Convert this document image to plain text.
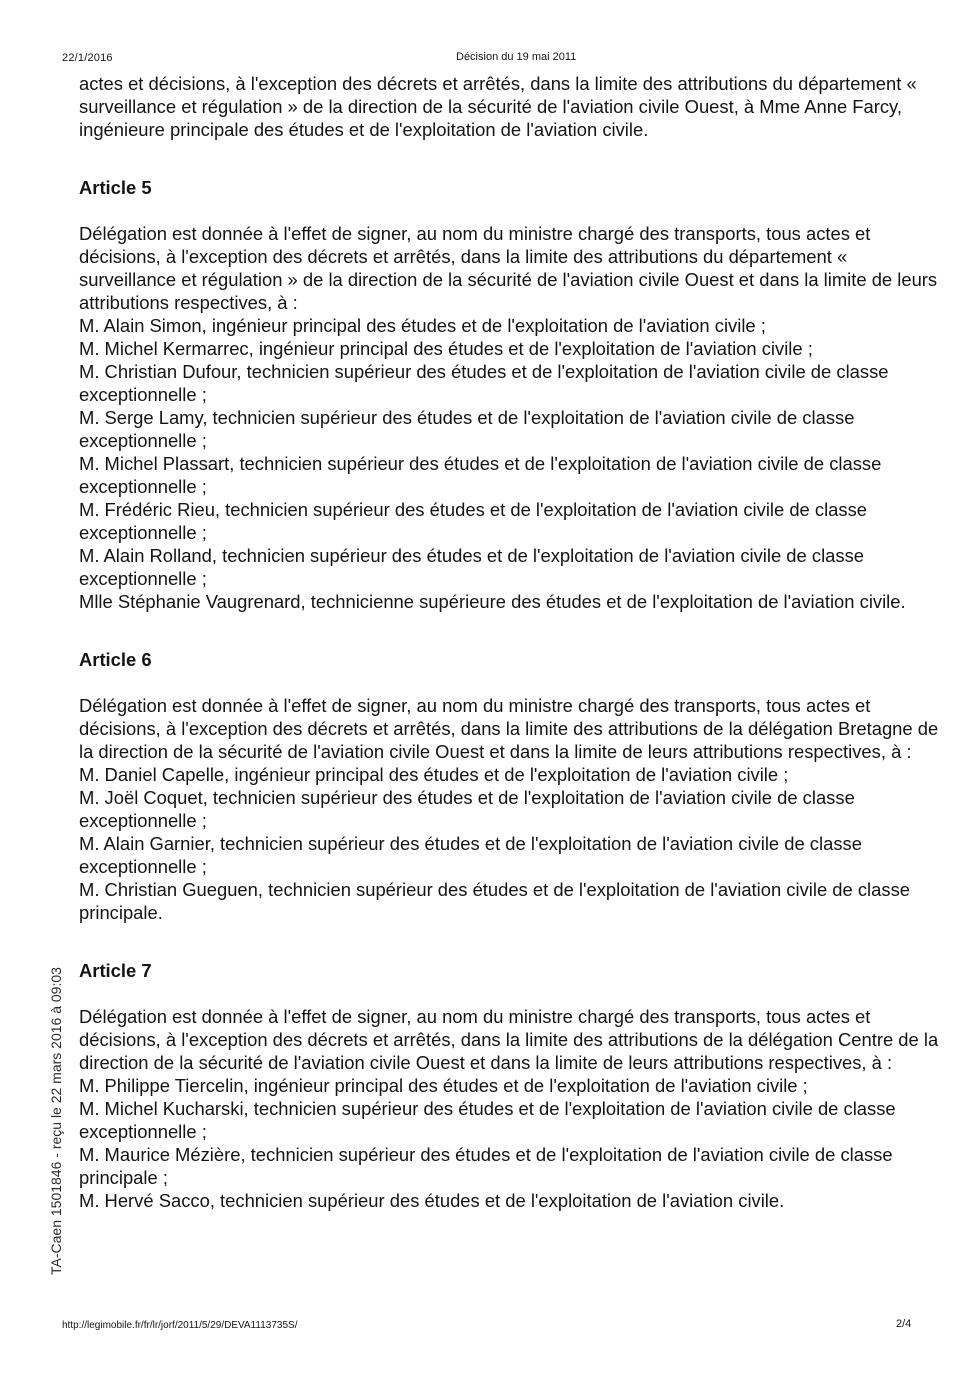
22/1/2016	Décision du 19 mai 2011

actes et décisions, à l'exception des décrets et arrêtés, dans la limite des attributions du département « surveillance et régulation » de la direction de la sécurité de l'aviation civile Ouest, à Mme Anne Farcy, ingénieure principale des études et de l'exploitation de l'aviation civile.

Article 5

Délégation est donnée à l'effet de signer, au nom du ministre chargé des transports, tous actes et décisions, à l'exception des décrets et arrêtés, dans la limite des attributions du département « surveillance et régulation » de la direction de la sécurité de l'aviation civile Ouest et dans la limite de leurs attributions respectives, à :

M. Alain Simon, ingénieur principal des études et de l'exploitation de l'aviation civile ;

M. Michel Kermarrec, ingénieur principal des études et de l'exploitation de l'aviation civile ;

M. Christian Dufour, technicien supérieur des études et de l'exploitation de l'aviation civile de classe exceptionnelle ;

M. Serge Lamy, technicien supérieur des études et de l'exploitation de l'aviation civile de classe exceptionnelle ;

M. Michel Plassart, technicien supérieur des études et de l'exploitation de l'aviation civile de classe exceptionnelle ;

M. Frédéric Rieu, technicien supérieur des études et de l'exploitation de l'aviation civile de classe exceptionnelle ;

M. Alain Rolland, technicien supérieur des études et de l'exploitation de l'aviation civile de classe exceptionnelle ;

Mlle Stéphanie Vaugrenard, technicienne supérieure des études et de l'exploitation de l'aviation civile.

Article 6

Délégation est donnée à l'effet de signer, au nom du ministre chargé des transports, tous actes et décisions, à l'exception des décrets et arrêtés, dans la limite des attributions de la délégation Bretagne de la direction de la sécurité de l'aviation civile Ouest et dans la limite de leurs attributions respectives, à :

M. Daniel Capelle, ingénieur principal des études et de l'exploitation de l'aviation civile ;

M. Joël Coquet, technicien supérieur des études et de l'exploitation de l'aviation civile de classe exceptionnelle ;

M. Alain Garnier, technicien supérieur des études et de l'exploitation de l'aviation civile de classe exceptionnelle ;

M. Christian Gueguen, technicien supérieur des études et de l'exploitation de l'aviation civile de classe principale.

Article 7

Délégation est donnée à l'effet de signer, au nom du ministre chargé des transports, tous actes et décisions, à l'exception des décrets et arrêtés, dans la limite des attributions de la délégation Centre de la direction de la sécurité de l'aviation civile Ouest et dans la limite de leurs attributions respectives, à :

M. Philippe Tiercelin, ingénieur principal des études et de l'exploitation de l'aviation civile ;

M. Michel Kucharski, technicien supérieur des études et de l'exploitation de l'aviation civile de classe exceptionnelle ;

M. Maurice Mézière, technicien supérieur des études et de l'exploitation de l'aviation civile de classe principale ;

M. Hervé Sacco, technicien supérieur des études et de l'exploitation de l'aviation civile.

TA-Caen 1501846 - reçu le 22 mars 2016 à 09:03
http://legimobile.fr/fr/lr/jorf/2011/5/29/DEVA1113735S/	2/4
